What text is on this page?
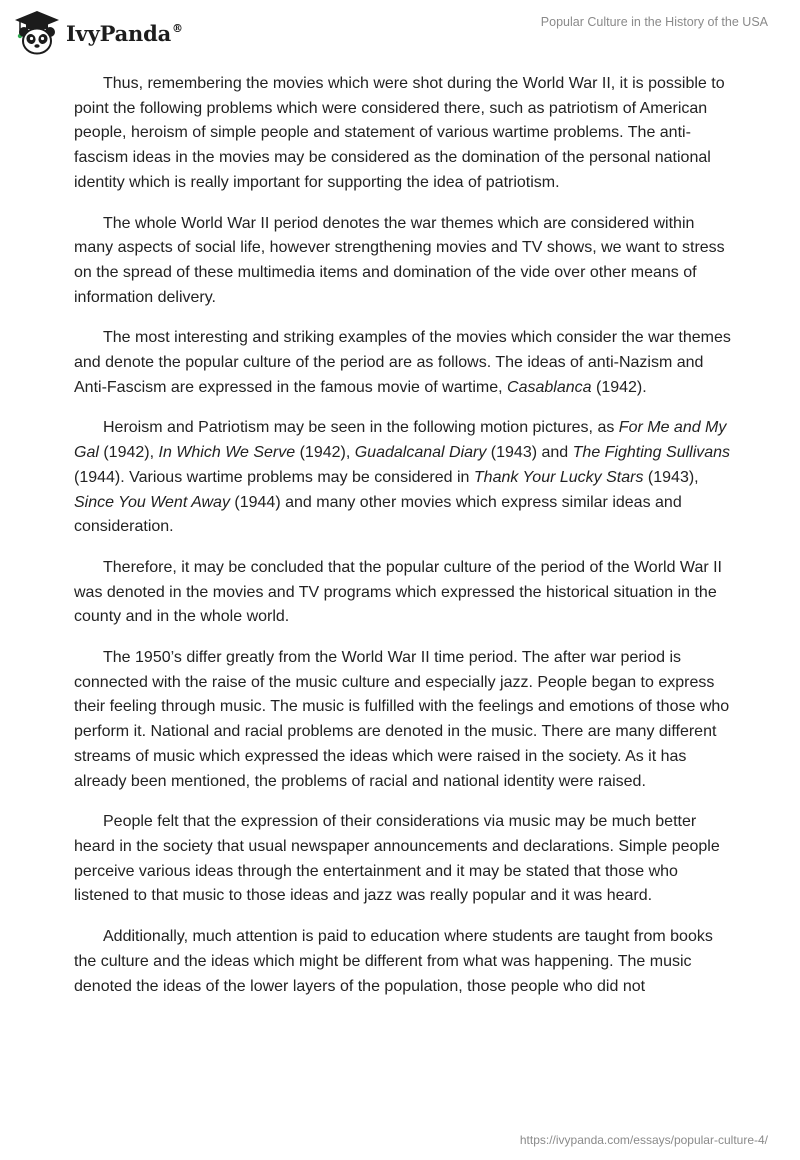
IvyPanda®	Popular Culture in the History of the USA

Thus, remembering the movies which were shot during the World War II, it is possible to point the following problems which were considered there, such as patriotism of American people, heroism of simple people and statement of various wartime problems. The anti-fascism ideas in the movies may be considered as the domination of the personal national identity which is really important for supporting the idea of patriotism.

The whole World War II period denotes the war themes which are considered within many aspects of social life, however strengthening movies and TV shows, we want to stress on the spread of these multimedia items and domination of the vide over other means of information delivery.

The most interesting and striking examples of the movies which consider the war themes and denote the popular culture of the period are as follows. The ideas of anti-Nazism and Anti-Fascism are expressed in the famous movie of wartime, Casablanca (1942).

Heroism and Patriotism may be seen in the following motion pictures, as For Me and My Gal (1942), In Which We Serve (1942), Guadalcanal Diary (1943) and The Fighting Sullivans (1944). Various wartime problems may be considered in Thank Your Lucky Stars (1943), Since You Went Away (1944) and many other movies which express similar ideas and consideration.

Therefore, it may be concluded that the popular culture of the period of the World War II was denoted in the movies and TV programs which expressed the historical situation in the county and in the whole world.

The 1950’s differ greatly from the World War II time period. The after war period is connected with the raise of the music culture and especially jazz. People began to express their feeling through music. The music is fulfilled with the feelings and emotions of those who perform it. National and racial problems are denoted in the music. There are many different streams of music which expressed the ideas which were raised in the society. As it has already been mentioned, the problems of racial and national identity were raised.

People felt that the expression of their considerations via music may be much better heard in the society that usual newspaper announcements and declarations. Simple people perceive various ideas through the entertainment and it may be stated that those who listened to that music to those ideas and jazz was really popular and it was heard.

Additionally, much attention is paid to education where students are taught from books the culture and the ideas which might be different from what was happening. The music denoted the ideas of the lower layers of the population, those people who did not

https://ivypanda.com/essays/popular-culture-4/
